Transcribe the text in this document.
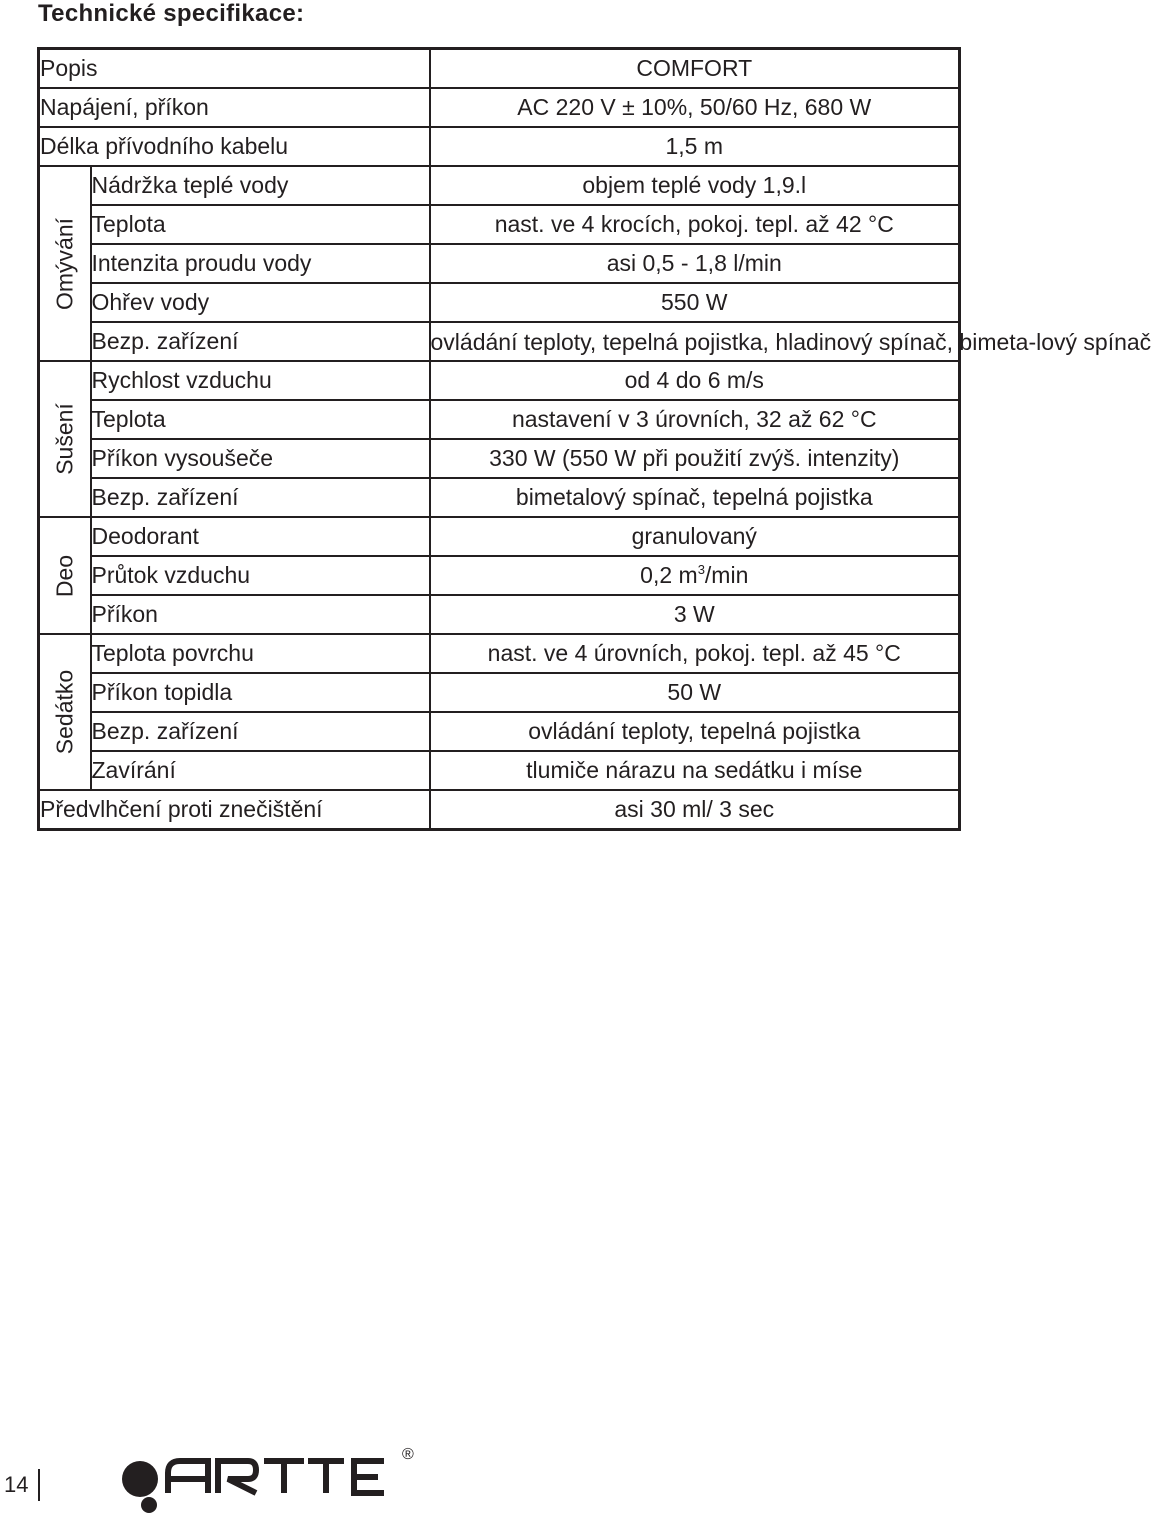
Technické specifikace:
Popis		COMFORT
Napájení, příkon		AC 220 V ± 10%, 50/60 Hz, 680 W
Délka přívodního kabelu		1,5 m

Omývání	Nádržka teplé vody	objem teplé vody 1,9.l
	Teplota	nast. ve 4 krocích, pokoj. tepl. až 42 °C
	Intenzita proudu vody	asi 0,5 - 1,8 l/min
	Ohřev vody	550 W
	Bezp. zařízení	ovládání teploty, tepelná pojistka, hladinový spínač, bimeta-lový spínač

Sušení	Rychlost vzduchu	od 4 do 6 m/s
	Teplota	nastavení v 3 úrovních, 32 až 62 °C
	Příkon vysoušeče	330 W (550 W při použití zvýš. intenzity)
	Bezp. zařízení	bimetalový spínač, tepelná pojistka

Deo	Deodorant	granulovaný
	Průtok vzduchu	0,2 $m^3/\min$
	Příkon	3 W

Sedátko	Teplota povrchu	nast. ve 4 úrovních, pokoj. tepl. až 45 °C
	Příkon topidla	50 W
	Bezp. zařízení	ovládání teploty, tepelná pojistka
	Zavírání	tlumiče nárazu na sedátku i míse
Předvlhčení proti znečištění		asi 30 ml/ 3 sec
14
®
